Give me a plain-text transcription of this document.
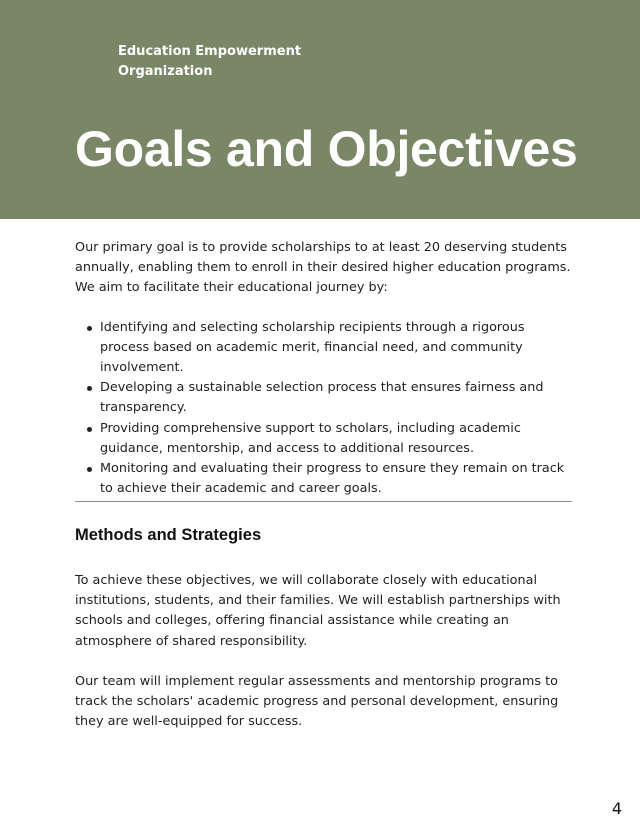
Education Empowerment
Organization
Goals and Objectives

Our primary goal is to provide scholarships to at least 20 deserving students annually, enabling them to enroll in their desired higher education programs. We aim to facilitate their educational journey by:

Identifying and selecting scholarship recipients through a rigorous process based on academic merit, financial need, and community involvement.
Developing a sustainable selection process that ensures fairness and transparency.
Providing comprehensive support to scholars, including academic guidance, mentorship, and access to additional resources.
Monitoring and evaluating their progress to ensure they remain on track to achieve their academic and career goals.
Methods and Strategies

To achieve these objectives, we will collaborate closely with educational institutions, students, and their families. We will establish partnerships with schools and colleges, offering financial assistance while creating an atmosphere of shared responsibility.

Our team will implement regular assessments and mentorship programs to track the scholars' academic progress and personal development, ensuring they are well-equipped for success.

4
